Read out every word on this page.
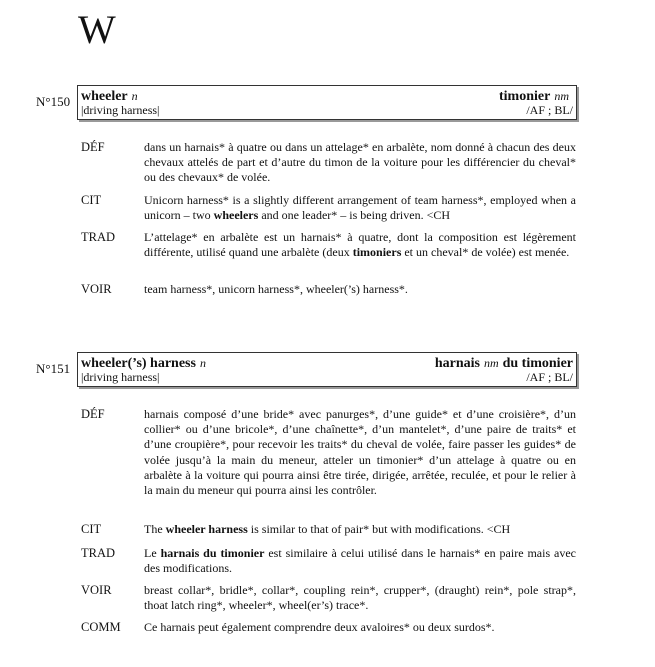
W
N°150 wheeler n	timonier nm
|driving harness|	/AF ; BL/
DÉF	dans un harnais* à quatre ou dans un attelage* en arbalète, nom donné à chacun des deux chevaux attelés de part et d’autre du timon de la voiture pour les différencier du cheval* ou des chevaux* de volée.
CIT	Unicorn harness* is a slightly different arrangement of team harness*, employed when a unicorn – two wheelers and one leader* – is being driven. <CH
TRAD L’attelage* en arbalète est un harnais* à quatre, dont la composition est légèrement différente, utilisé quand une arbalète (deux timoniers et un cheval* de volée) est menée.
VOIR	team harness*, unicorn harness*, wheeler(’s) harness*.
N°151 wheeler(’s) harness n	harnais nm du timonier
|driving harness|	/AF ; BL/
DÉF	harnais composé d’une bride* avec panurges*, d’une guide* et d’une croisière*, d’un collier* ou d’une bricole*, d’une chaînette*, d’un mantelet*, d’une paire de traits* et d’une croupière*, pour recevoir les traits* du cheval de volée, faire passer les guides* de volée jusqu’à la main du meneur, atteler un timonier* d’un attelage à quatre ou en arbalète à la voiture qui pourra ainsi être tirée, dirigée, arrêtée, reculée, et pour le relier à la main du meneur qui pourra ainsi les contrôler.
CIT	The wheeler harness is similar to that of pair* but with modifications. <CH
TRAD Le harnais du timonier est similaire à celui utilisé dans le harnais* en paire mais avec des modifications.
VOIR	breast collar*, bridle*, collar*, coupling rein*, crupper*, (draught) rein*, pole strap*, thoat latch ring*, wheeler*, wheel(er’s) trace*.
COMM Ce harnais peut également comprendre deux avaloires* ou deux surdos*.
